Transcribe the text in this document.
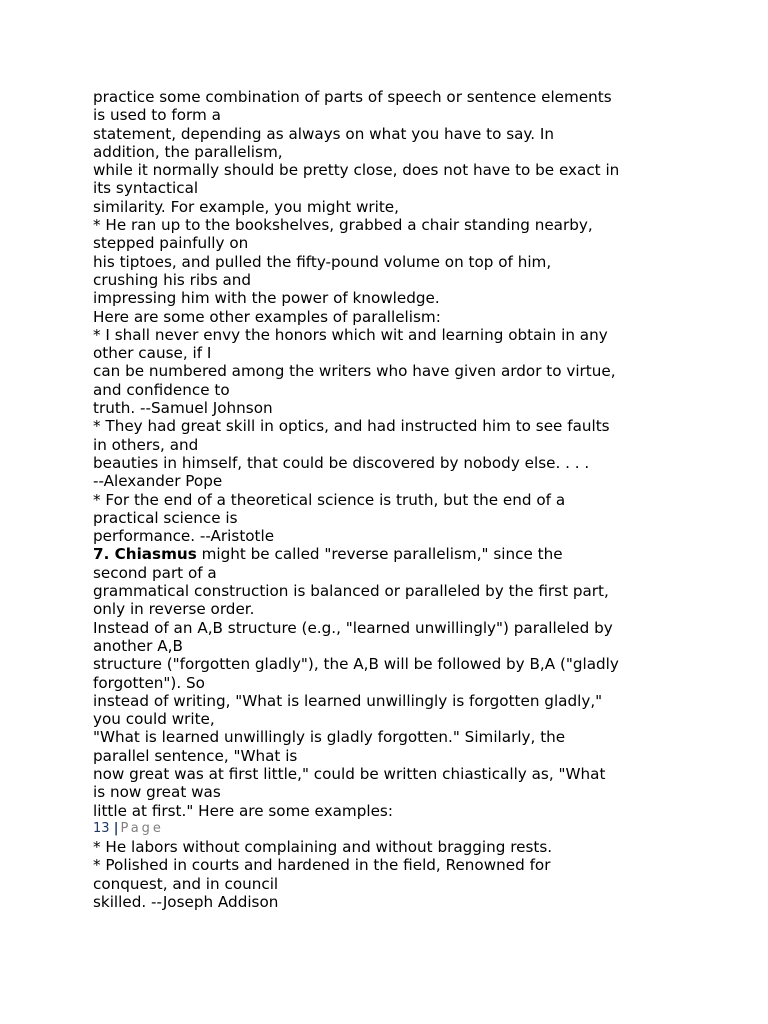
practice some combination of parts of speech or sentence elements
is used to form a
statement, depending as always on what you have to say. In
addition, the parallelism,
while it normally should be pretty close, does not have to be exact in
its syntactical
similarity. For example, you might write,
* He ran up to the bookshelves, grabbed a chair standing nearby,
stepped painfully on
his tiptoes, and pulled the fifty-pound volume on top of him,
crushing his ribs and
impressing him with the power of knowledge.
Here are some other examples of parallelism:
* I shall never envy the honors which wit and learning obtain in any
other cause, if I
can be numbered among the writers who have given ardor to virtue,
and confidence to
truth. --Samuel Johnson
* They had great skill in optics, and had instructed him to see faults
in others, and
beauties in himself, that could be discovered by nobody else. . . .
--Alexander Pope
* For the end of a theoretical science is truth, but the end of a
practical science is
performance. --Aristotle
7. Chiasmus might be called "reverse parallelism," since the
second part of a
grammatical construction is balanced or paralleled by the first part,
only in reverse order.
Instead of an A,B structure (e.g., "learned unwillingly") paralleled by
another A,B
structure ("forgotten gladly"), the A,B will be followed by B,A ("gladly
forgotten"). So
instead of writing, "What is learned unwillingly is forgotten gladly,"
you could write,
"What is learned unwillingly is gladly forgotten." Similarly, the
parallel sentence, "What is
now great was at first little," could be written chiastically as, "What
is now great was
little at first." Here are some examples:
13 | Page
* He labors without complaining and without bragging rests.
* Polished in courts and hardened in the field, Renowned for
conquest, and in council
skilled. --Joseph Addison
